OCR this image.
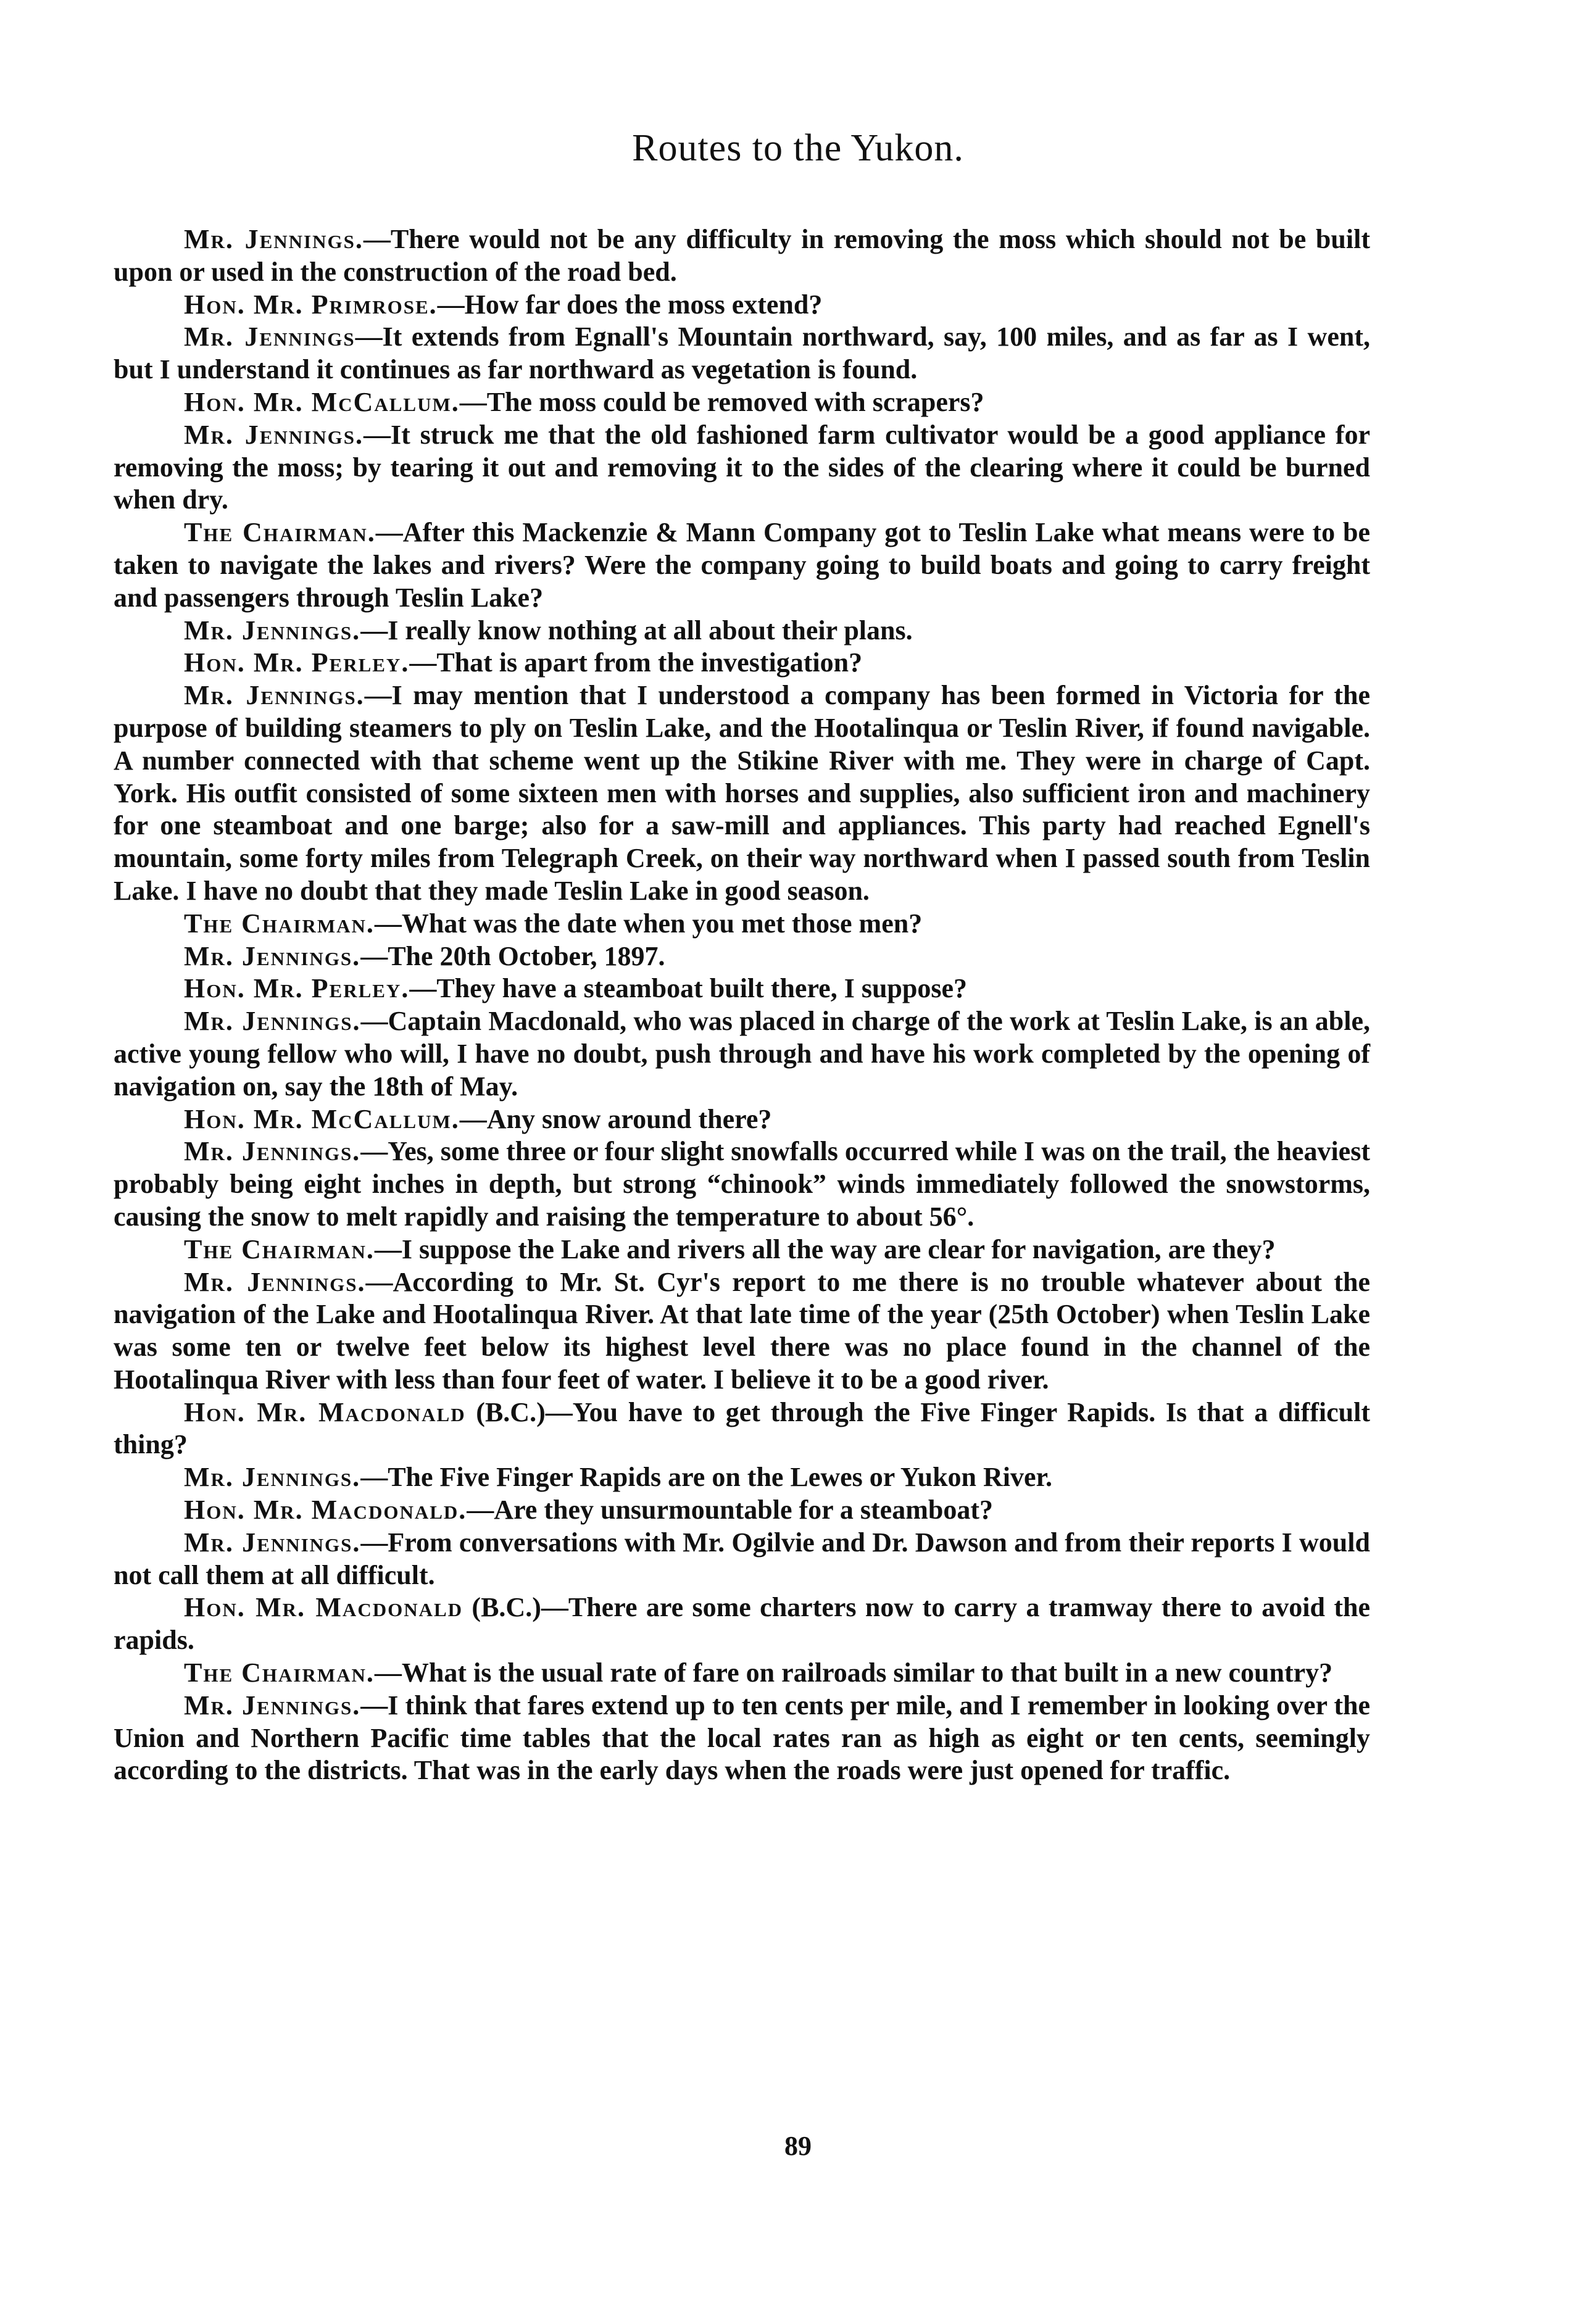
Routes to the Yukon.

Mr. Jennings.—There would not be any difficulty in removing the moss which should not be built upon or used in the construction of the road bed.

Hon. Mr. Primrose.—How far does the moss extend?

Mr. Jennings—It extends from Egnall's Mountain northward, say, 100 miles, and as far as I went, but I understand it continues as far northward as vegetation is found.

Hon. Mr. McCallum.—The moss could be removed with scrapers?

Mr. Jennings.—It struck me that the old fashioned farm cultivator would be a good appliance for removing the moss; by tearing it out and removing it to the sides of the clearing where it could be burned when dry.

The Chairman.—After this Mackenzie & Mann Company got to Teslin Lake what means were to be taken to navigate the lakes and rivers? Were the company going to build boats and going to carry freight and passengers through Teslin Lake?

Mr. Jennings.—I really know nothing at all about their plans.

Hon. Mr. Perley.—That is apart from the investigation?

Mr. Jennings.—I may mention that I understood a company has been formed in Victoria for the purpose of building steamers to ply on Teslin Lake, and the Hootalinqua or Teslin River, if found navigable. A number connected with that scheme went up the Stikine River with me. They were in charge of Capt. York. His outfit consisted of some sixteen men with horses and supplies, also sufficient iron and machinery for one steamboat and one barge; also for a saw-mill and appliances. This party had reached Egnell's mountain, some forty miles from Telegraph Creek, on their way northward when I passed south from Teslin Lake. I have no doubt that they made Teslin Lake in good season.

The Chairman.—What was the date when you met those men?

Mr. Jennings.—The 20th October, 1897.

Hon. Mr. Perley.—They have a steamboat built there, I suppose?

Mr. Jennings.—Captain Macdonald, who was placed in charge of the work at Teslin Lake, is an able, active young fellow who will, I have no doubt, push through and have his work completed by the opening of navigation on, say the 18th of May.

Hon. Mr. McCallum.—Any snow around there?

Mr. Jennings.—Yes, some three or four slight snowfalls occurred while I was on the trail, the heaviest probably being eight inches in depth, but strong “chinook” winds immediately followed the snowstorms, causing the snow to melt rapidly and raising the temperature to about 56°.

The Chairman.—I suppose the Lake and rivers all the way are clear for navigation, are they?

Mr. Jennings.—According to Mr. St. Cyr's report to me there is no trouble whatever about the navigation of the Lake and Hootalinqua River. At that late time of the year (25th October) when Teslin Lake was some ten or twelve feet below its highest level there was no place found in the channel of the Hootalinqua River with less than four feet of water. I believe it to be a good river.

Hon. Mr. Macdonald (B.C.)—You have to get through the Five Finger Rapids. Is that a difficult thing?

Mr. Jennings.—The Five Finger Rapids are on the Lewes or Yukon River.

Hon. Mr. Macdonald.—Are they unsurmountable for a steamboat?

Mr. Jennings.—From conversations with Mr. Ogilvie and Dr. Dawson and from their reports I would not call them at all difficult.

Hon. Mr. Macdonald (B.C.)—There are some charters now to carry a tramway there to avoid the rapids.

The Chairman.—What is the usual rate of fare on railroads similar to that built in a new country?

Mr. Jennings.—I think that fares extend up to ten cents per mile, and I remember in looking over the Union and Northern Pacific time tables that the local rates ran as high as eight or ten cents, seemingly according to the districts. That was in the early days when the roads were just opened for traffic.

89
